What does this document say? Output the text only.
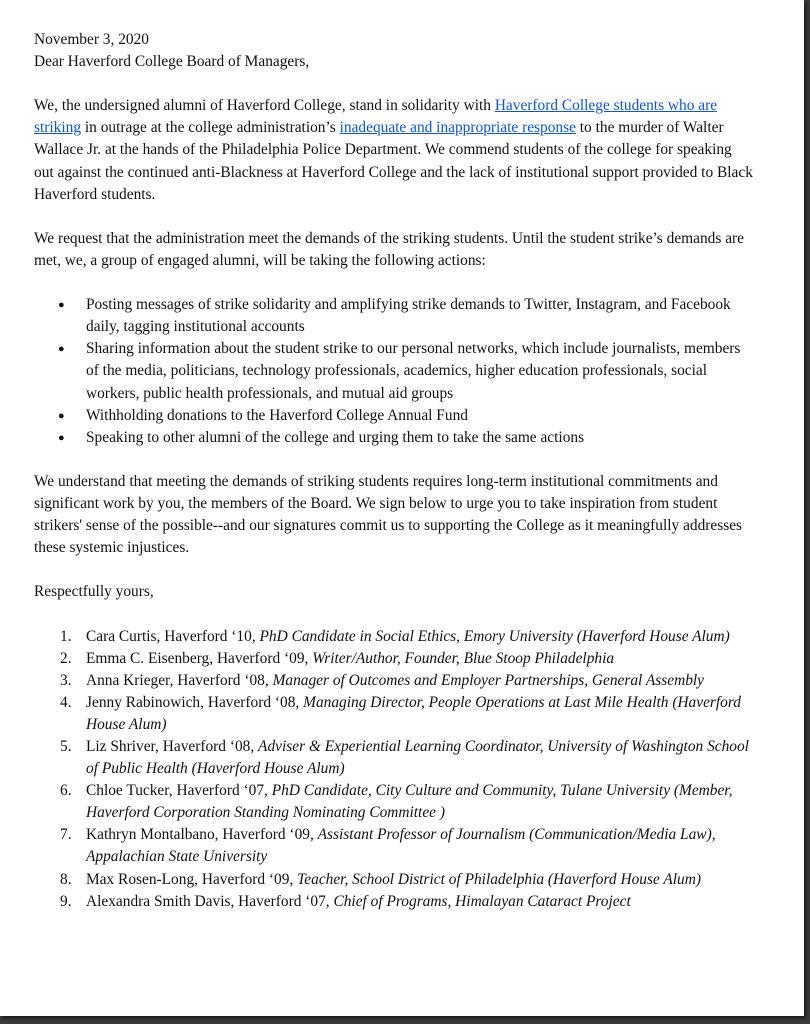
November 3, 2020

Dear Haverford College Board of Managers,

We, the undersigned alumni of Haverford College, stand in solidarity with Haverford College students who are striking in outrage at the college administration’s inadequate and inappropriate response to the murder of Walter Wallace Jr. at the hands of the Philadelphia Police Department. We commend students of the college for speaking out against the continued anti-Blackness at Haverford College and the lack of institutional support provided to Black Haverford students.

We request that the administration meet the demands of the striking students. Until the student strike’s demands are met, we, a group of engaged alumni, will be taking the following actions:

● Posting messages of strike solidarity and amplifying strike demands to Twitter, Instagram, and Facebook daily, tagging institutional accounts
● Sharing information about the student strike to our personal networks, which include journalists, members of the media, politicians, technology professionals, academics, higher education professionals, social workers, public health professionals, and mutual aid groups
● Withholding donations to the Haverford College Annual Fund
● Speaking to other alumni of the college and urging them to take the same actions

We understand that meeting the demands of striking students requires long-term institutional commitments and significant work by you, the members of the Board. We sign below to urge you to take inspiration from student strikers' sense of the possible--and our signatures commit us to supporting the College as it meaningfully addresses these systemic injustices.

Respectfully yours,

1. Cara Curtis, Haverford ‘10, PhD Candidate in Social Ethics, Emory University (Haverford House Alum)
2. Emma C. Eisenberg, Haverford ‘09, Writer/Author, Founder, Blue Stoop Philadelphia
3. Anna Krieger, Haverford ‘08, Manager of Outcomes and Employer Partnerships, General Assembly
4. Jenny Rabinowich, Haverford ‘08, Managing Director, People Operations at Last Mile Health (Haverford House Alum)
5. Liz Shriver, Haverford ‘08, Adviser & Experiential Learning Coordinator, University of Washington School of Public Health (Haverford House Alum)
6. Chloe Tucker, Haverford ‘07, PhD Candidate, City Culture and Community, Tulane University (Member, Haverford Corporation Standing Nominating Committee )
7. Kathryn Montalbano, Haverford ‘09, Assistant Professor of Journalism (Communication/Media Law), Appalachian State University
8. Max Rosen-Long, Haverford ‘09, Teacher, School District of Philadelphia (Haverford House Alum)
9. Alexandra Smith Davis, Haverford ‘07, Chief of Programs, Himalayan Cataract Project
